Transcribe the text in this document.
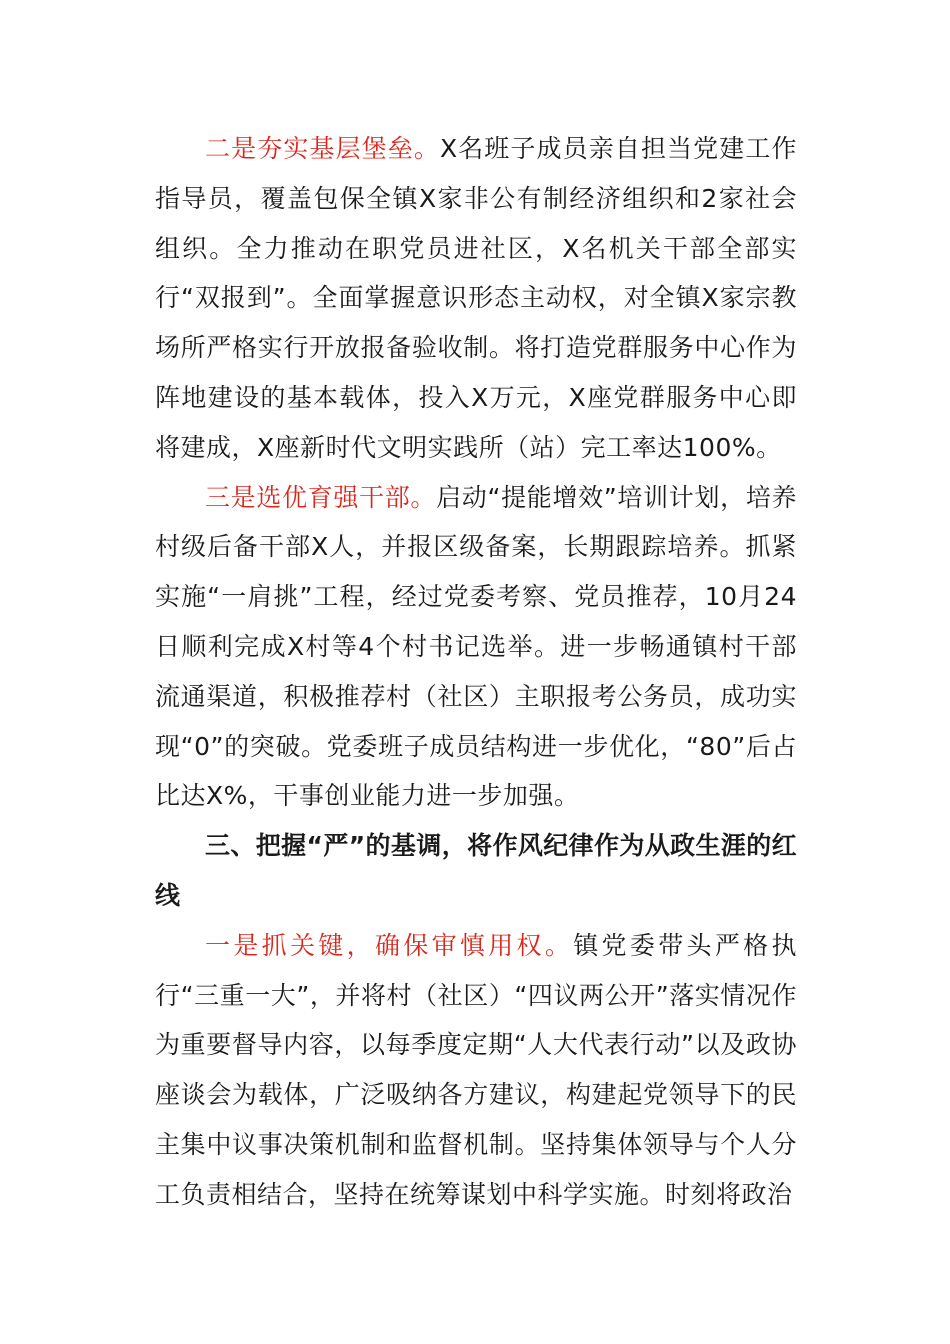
二是夯实基层堡垒。X名班子成员亲自担当党建工作指导员，覆盖包保全镇X家非公有制经济组织和2家社会组织。全力推动在职党员进社区，X名机关干部全部实行“双报到”。全面掌握意识形态主动权，对全镇X家宗教场所严格实行开放报备验收制。将打造党群服务中心作为阵地建设的基本载体，投入X万元，X座党群服务中心即将建成，X座新时代文明实践所（站）完工率达100%。

三是选优育强干部。启动“提能增效”培训计划，培养村级后备干部X人，并报区级备案，长期跟踪培养。抓紧实施“一肩挑”工程，经过党委考察、党员推荐，10月24日顺利完成X村等4个村书记选举。进一步畅通镇村干部流通渠道，积极推荐村（社区）主职报考公务员，成功实现“0”的突破。党委班子成员结构进一步优化，“80”后占比达X%，干事创业能力进一步加强。

三、把握“严”的基调，将作风纪律作为从政生涯的红线

一是抓关键，确保审慎用权。镇党委带头严格执行“三重一大”，并将村（社区）“四议两公开”落实情况作为重要督导内容，以每季度定期“人大代表行动”以及政协座谈会为载体，广泛吸纳各方建议，构建起党领导下的民主集中议事决策机制和监督机制。坚持集体领导与个人分工负责相结合，坚持在统筹谋划中科学实施。时刻将政治
